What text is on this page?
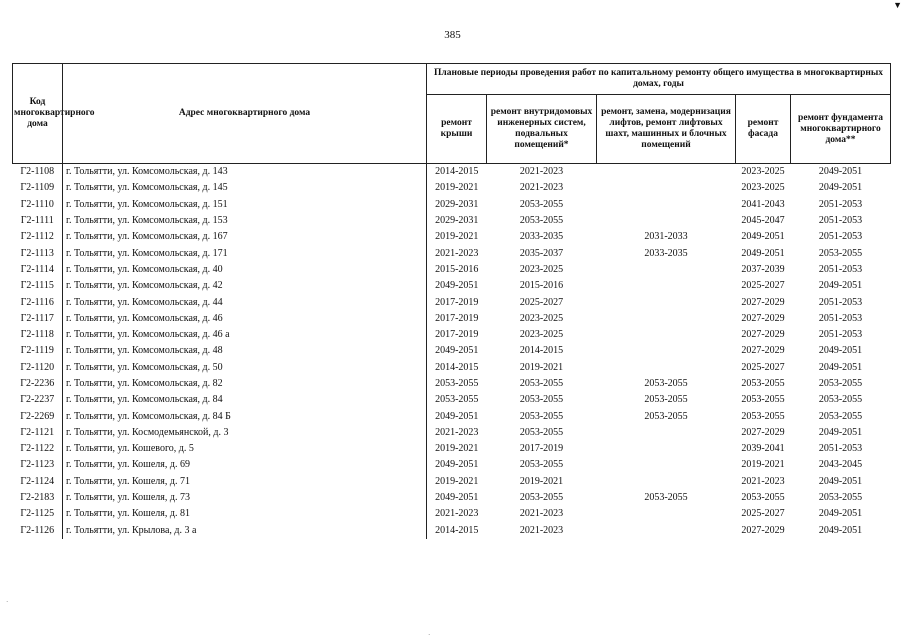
▼
385
Код многоквартирного дома	Адрес многоквартирного дома	Плановые периоды проведения работ по капитальному ремонту общего имущества в многоквартирных домах, годы				
		ремонт крыши	ремонт внутридомовых инженерных систем, подвальных помещений*	ремонт, замена, модернизация лифтов, ремонт лифтовых шахт, машинных и блочных помещений	ремонт фасада	ремонт фундамента многоквартирного дома**
Г2-1108	г. Тольятти, ул. Комсомольская, д. 143	2014-2015	2021-2023		2023-2025	2049-2051
Г2-1109	г. Тольятти, ул. Комсомольская, д. 145	2019-2021	2021-2023		2023-2025	2049-2051
Г2-1110	г. Тольятти, ул. Комсомольская, д. 151	2029-2031	2053-2055		2041-2043	2051-2053
Г2-1111	г. Тольятти, ул. Комсомольская, д. 153	2029-2031	2053-2055		2045-2047	2051-2053
Г2-1112	г. Тольятти, ул. Комсомольская, д. 167	2019-2021	2033-2035	2031-2033	2049-2051	2051-2053
Г2-1113	г. Тольятти, ул. Комсомольская, д. 171	2021-2023	2035-2037	2033-2035	2049-2051	2053-2055
Г2-1114	г. Тольятти, ул. Комсомольская, д. 40	2015-2016	2023-2025		2037-2039	2051-2053
Г2-1115	г. Тольятти, ул. Комсомольская, д. 42	2049-2051	2015-2016		2025-2027	2049-2051
Г2-1116	г. Тольятти, ул. Комсомольская, д. 44	2017-2019	2025-2027		2027-2029	2051-2053
Г2-1117	г. Тольятти, ул. Комсомольская, д. 46	2017-2019	2023-2025		2027-2029	2051-2053
Г2-1118	г. Тольятти, ул. Комсомольская, д. 46 а	2017-2019	2023-2025		2027-2029	2051-2053
Г2-1119	г. Тольятти, ул. Комсомольская, д. 48	2049-2051	2014-2015		2027-2029	2049-2051
Г2-1120	г. Тольятти, ул. Комсомольская, д. 50	2014-2015	2019-2021		2025-2027	2049-2051
Г2-2236	г. Тольятти, ул. Комсомольская, д. 82	2053-2055	2053-2055	2053-2055	2053-2055	2053-2055
Г2-2237	г. Тольятти, ул. Комсомольская, д. 84	2053-2055	2053-2055	2053-2055	2053-2055	2053-2055
Г2-2269	г. Тольятти, ул. Комсомольская, д. 84 Б	2049-2051	2053-2055	2053-2055	2053-2055	2053-2055
Г2-1121	г. Тольятти, ул. Космодемьянской, д. 3	2021-2023	2053-2055		2027-2029	2049-2051
Г2-1122	г. Тольятти, ул. Кошевого, д. 5	2019-2021	2017-2019		2039-2041	2051-2053
Г2-1123	г. Тольятти, ул. Кошеля, д. 69	2049-2051	2053-2055		2019-2021	2043-2045
Г2-1124	г. Тольятти, ул. Кошеля, д. 71	2019-2021	2019-2021		2021-2023	2049-2051
Г2-2183	г. Тольятти, ул. Кошеля, д. 73	2049-2051	2053-2055	2053-2055	2053-2055	2053-2055
Г2-1125	г. Тольятти, ул. Кошеля, д. 81	2021-2023	2021-2023		2025-2027	2049-2051
Г2-1126	г. Тольятти, ул. Крылова, д. 3 а	2014-2015	2021-2023		2027-2029	2049-2051
·
·
